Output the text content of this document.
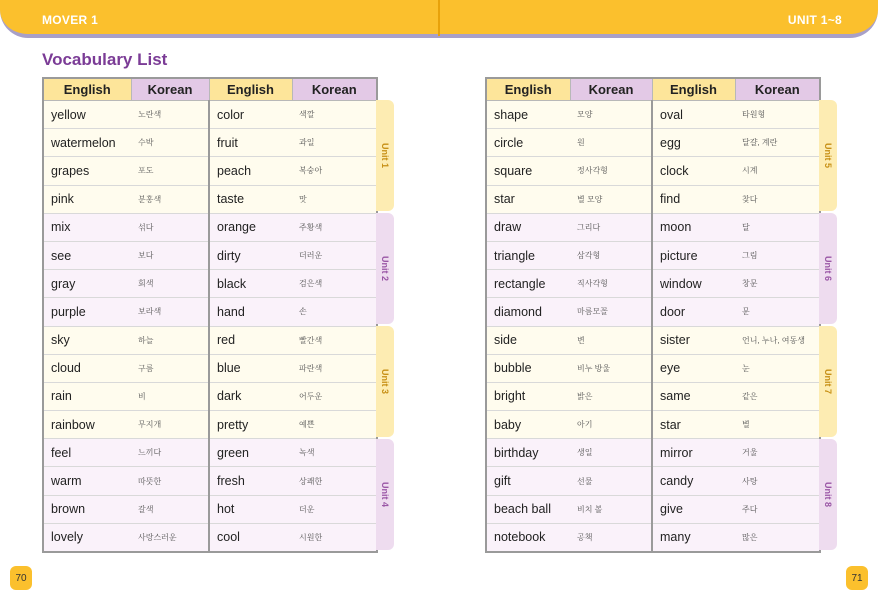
MOVER 1	UNIT 1~8
Vocabulary List
English	Korean	English	Korean
yellow	노란색	color	색깔
watermelon	수박	fruit	과일
grapes	포도	peach	복숭아
pink	분홍색	taste	맛
mix	섞다	orange	주황색
see	보다	dirty	더러운
gray	회색	black	검은색
purple	보라색	hand	손
sky	하늘	red	빨간색
cloud	구름	blue	파란색
rain	비	dark	어두운
rainbow	무지개	pretty	예쁜
feel	느끼다	green	녹색
warm	따뜻한	fresh	상쾌한
brown	갈색	hot	더운
lovely	사랑스러운	cool	시원한
English	Korean	English	Korean
shape	모양	oval	타원형
circle	원	egg	달걀, 계란
square	정사각형	clock	시계
star	별 모양	find	찾다
draw	그리다	moon	달
triangle	삼각형	picture	그림
rectangle	직사각형	window	창문
diamond	마름모꼴	door	문
side	변	sister	언니, 누나, 여동생
bubble	비누 방울	eye	눈
bright	밝은	same	같은
baby	아기	star	별
birthday	생일	mirror	거울
gift	선물	candy	사탕
beach ball	비치 볼	give	주다
notebook	공책	many	많은
Unit 1
Unit 2
Unit 3
Unit 4
Unit 5
Unit 6
Unit 7
Unit 8
70	71
